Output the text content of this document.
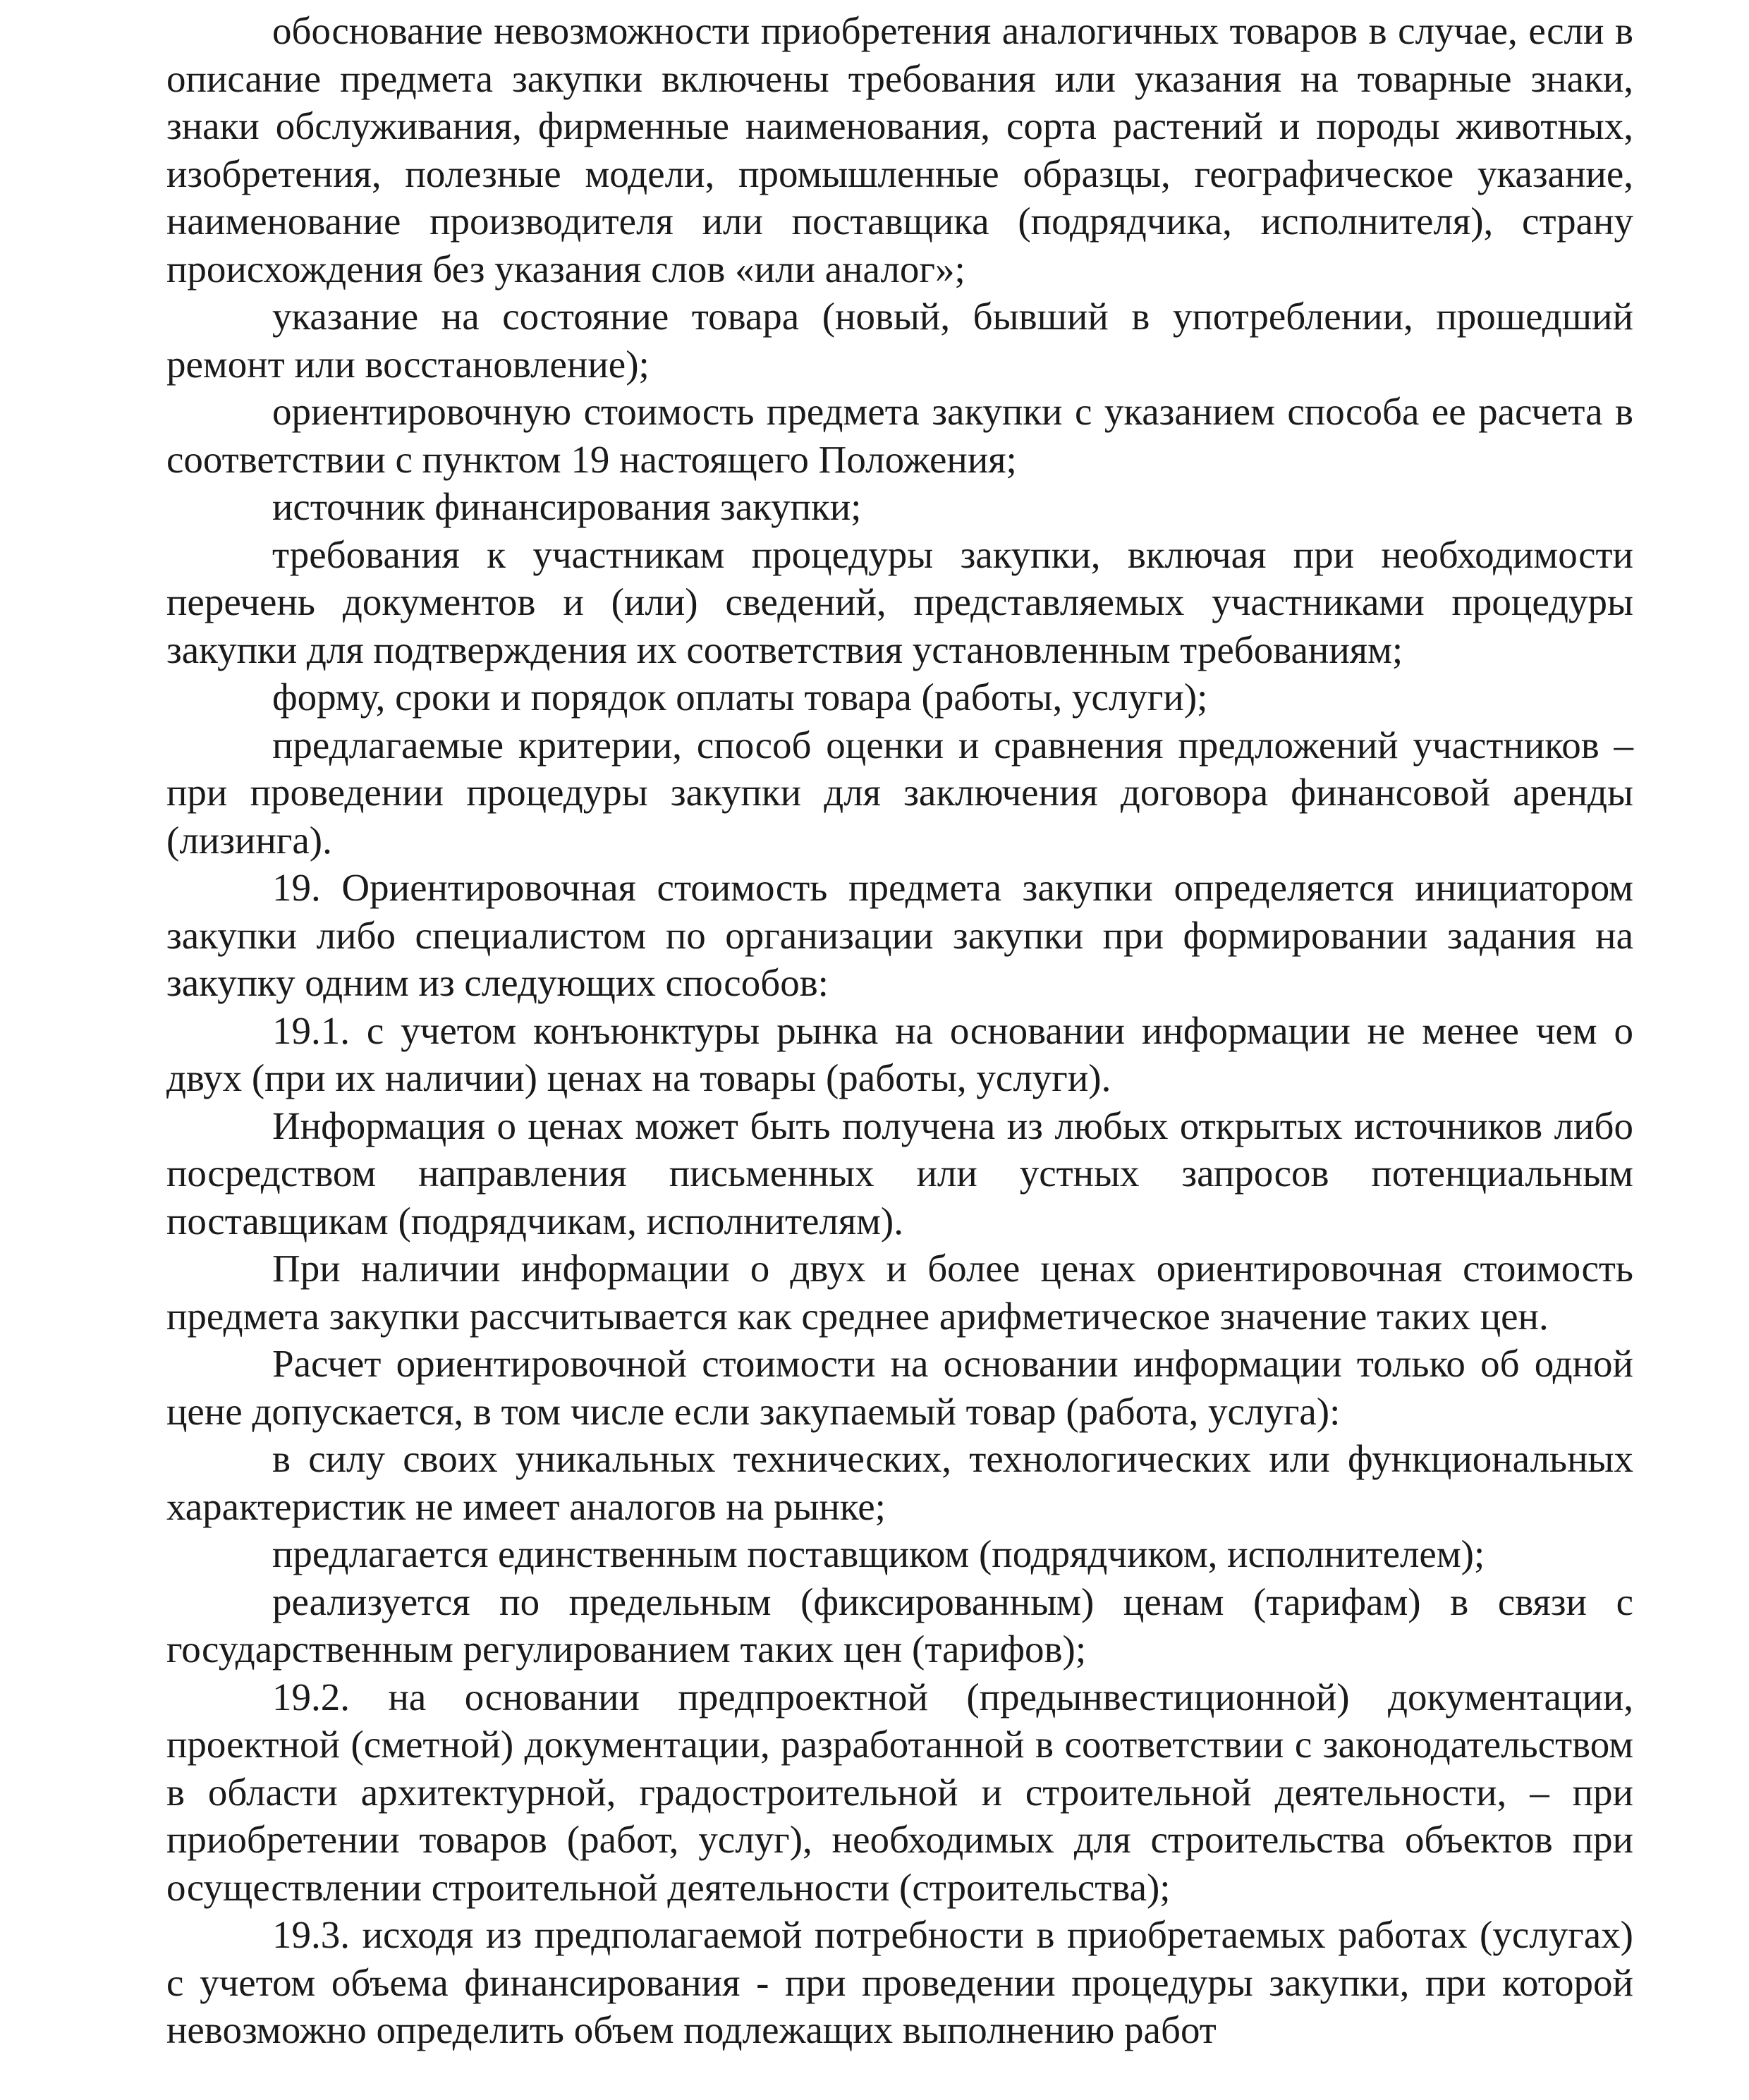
обоснование невозможности приобретения аналогичных товаров в случае, если в описание предмета закупки включены требования или указания на товарные знаки, знаки обслуживания, фирменные наименования, сорта растений и породы животных, изобретения, полезные модели, промышленные образцы, географическое указание, наименование производителя или поставщика (подрядчика, исполнителя), страну происхождения без указания слов «или аналог»;

указание на состояние товара (новый, бывший в употреблении, прошедший ремонт или восстановление);

ориентировочную стоимость предмета закупки с указанием способа ее расчета в соответствии с пунктом 19 настоящего Положения;

источник финансирования закупки;

требования к участникам процедуры закупки, включая при необходимости перечень документов и (или) сведений, представляемых участниками процедуры закупки для подтверждения их соответствия установленным требованиям;

форму, сроки и порядок оплаты товара (работы, услуги);

предлагаемые критерии, способ оценки и сравнения предложений участников – при проведении процедуры закупки для заключения договора финансовой аренды (лизинга).

19. Ориентировочная стоимость предмета закупки определяется инициатором закупки либо специалистом по организации закупки при формировании задания на закупку одним из следующих способов:

19.1. с учетом конъюнктуры рынка на основании информации не менее чем о двух (при их наличии) ценах на товары (работы, услуги).

Информация о ценах может быть получена из любых открытых источников либо посредством направления письменных или устных запросов потенциальным поставщикам (подрядчикам, исполнителям).

При наличии информации о двух и более ценах ориентировочная стоимость предмета закупки рассчитывается как среднее арифметическое значение таких цен.

Расчет ориентировочной стоимости на основании информации только об одной цене допускается, в том числе если закупаемый товар (работа, услуга):

в силу своих уникальных технических, технологических или функциональных характеристик не имеет аналогов на рынке;

предлагается единственным поставщиком (подрядчиком, исполнителем);

реализуется по предельным (фиксированным) ценам (тарифам) в связи с государственным регулированием таких цен (тарифов);

19.2. на основании предпроектной (предынвестиционной) документации, проектной (сметной) документации, разработанной в соответствии с законодательством в области архитектурной, градостроительной и строительной деятельности, – при приобретении товаров (работ, услуг), необходимых для строительства объектов при осуществлении строительной деятельности (строительства);

19.3. исходя из предполагаемой потребности в приобретаемых работах (услугах) с учетом объема финансирования - при проведении процедуры закупки, при которой невозможно определить объем подлежащих выполнению работ
